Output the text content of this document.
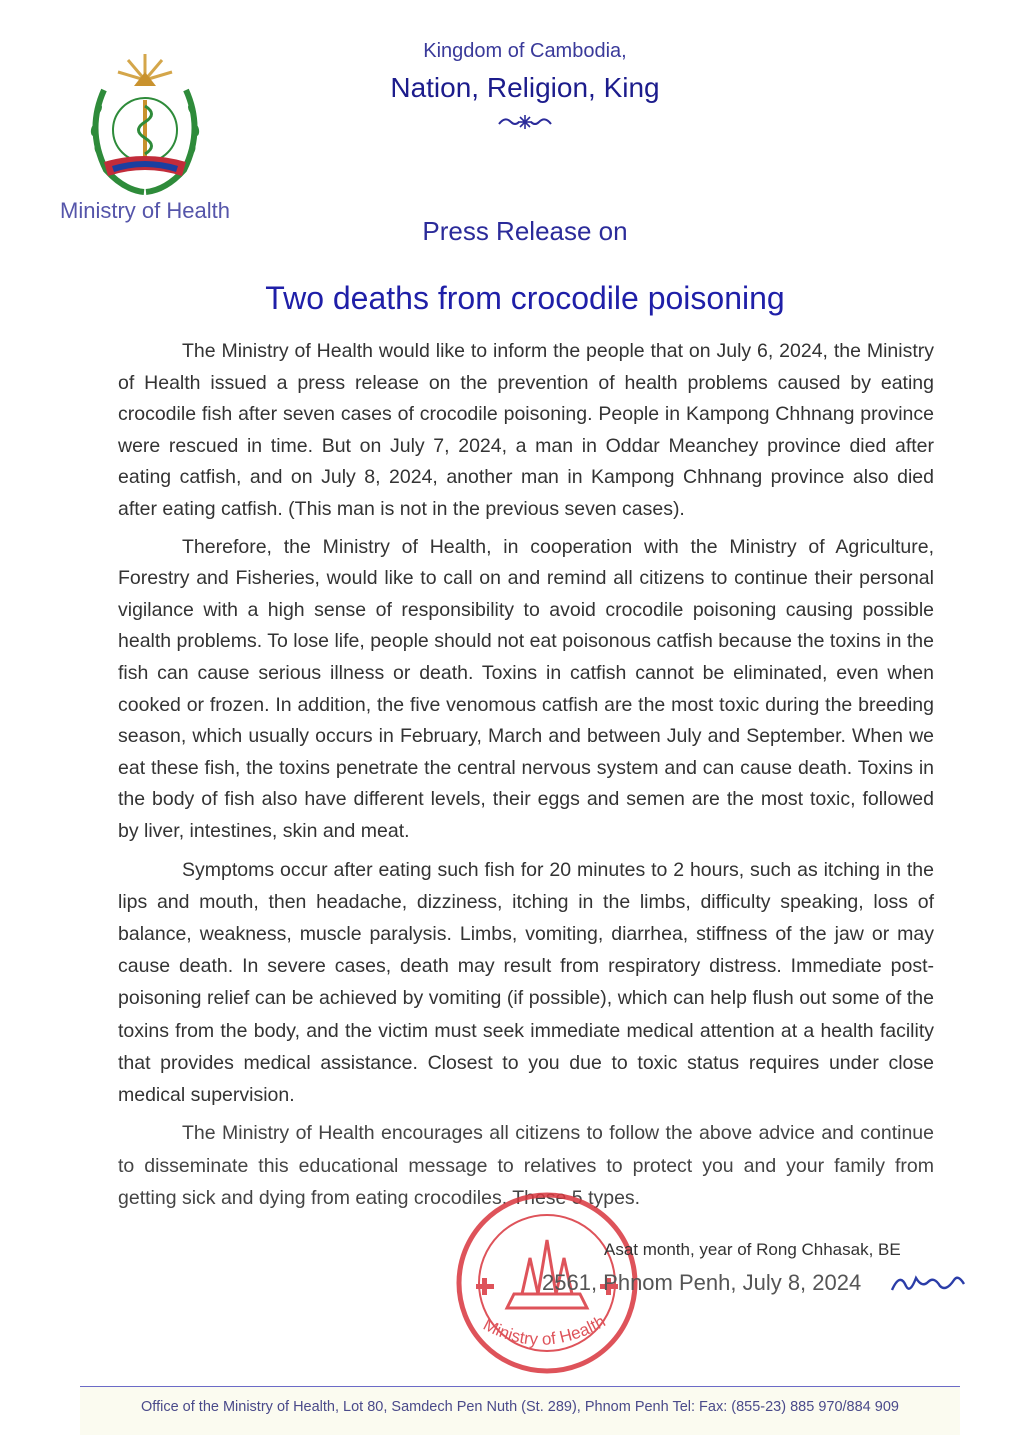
Ministry of Health
Kingdom of Cambodia,
Nation, Religion, King
Press Release on
Two deaths from crocodile poisoning

The Ministry of Health would like to inform the people that on July 6, 2024, the Ministry of Health issued a press release on the prevention of health problems caused by eating crocodile fish after seven cases of crocodile poisoning. People in Kampong Chhnang province were rescued in time. But on July 7, 2024, a man in Oddar Meanchey province died after eating catfish, and on July 8, 2024, another man in Kampong Chhnang province also died after eating catfish. (This man is not in the previous seven cases).

Therefore, the Ministry of Health, in cooperation with the Ministry of Agriculture, Forestry and Fisheries, would like to call on and remind all citizens to continue their personal vigilance with a high sense of responsibility to avoid crocodile poisoning causing possible health problems. To lose life, people should not eat poisonous catfish because the toxins in the fish can cause serious illness or death. Toxins in catfish cannot be eliminated, even when cooked or frozen. In addition, the five venomous catfish are the most toxic during the breeding season, which usually occurs in February, March and between July and September. When we eat these fish, the toxins penetrate the central nervous system and can cause death. Toxins in the body of fish also have different levels, their eggs and semen are the most toxic, followed by liver, intestines, skin and meat.

Symptoms occur after eating such fish for 20 minutes to 2 hours, such as itching in the lips and mouth, then headache, dizziness, itching in the limbs, difficulty speaking, loss of balance, weakness, muscle paralysis. Limbs, vomiting, diarrhea, stiffness of the jaw or may cause death. In severe cases, death may result from respiratory distress. Immediate post-poisoning relief can be achieved by vomiting (if possible), which can help flush out some of the toxins from the body, and the victim must seek immediate medical attention at a health facility that provides medical assistance. Closest to you due to toxic status requires under close medical supervision.

The Ministry of Health encourages all citizens to follow the above advice and continue to disseminate this educational message to relatives to protect you and your family from getting sick and dying from eating crocodiles. These 5 types.

Ministry of Health
Asat month, year of Rong Chhasak, BE
2561, Phnom Penh, July 8, 2024
Office of the Ministry of Health, Lot 80, Samdech Pen Nuth (St. 289), Phnom Penh Tel: Fax: (855-23) 885 970/884 909
